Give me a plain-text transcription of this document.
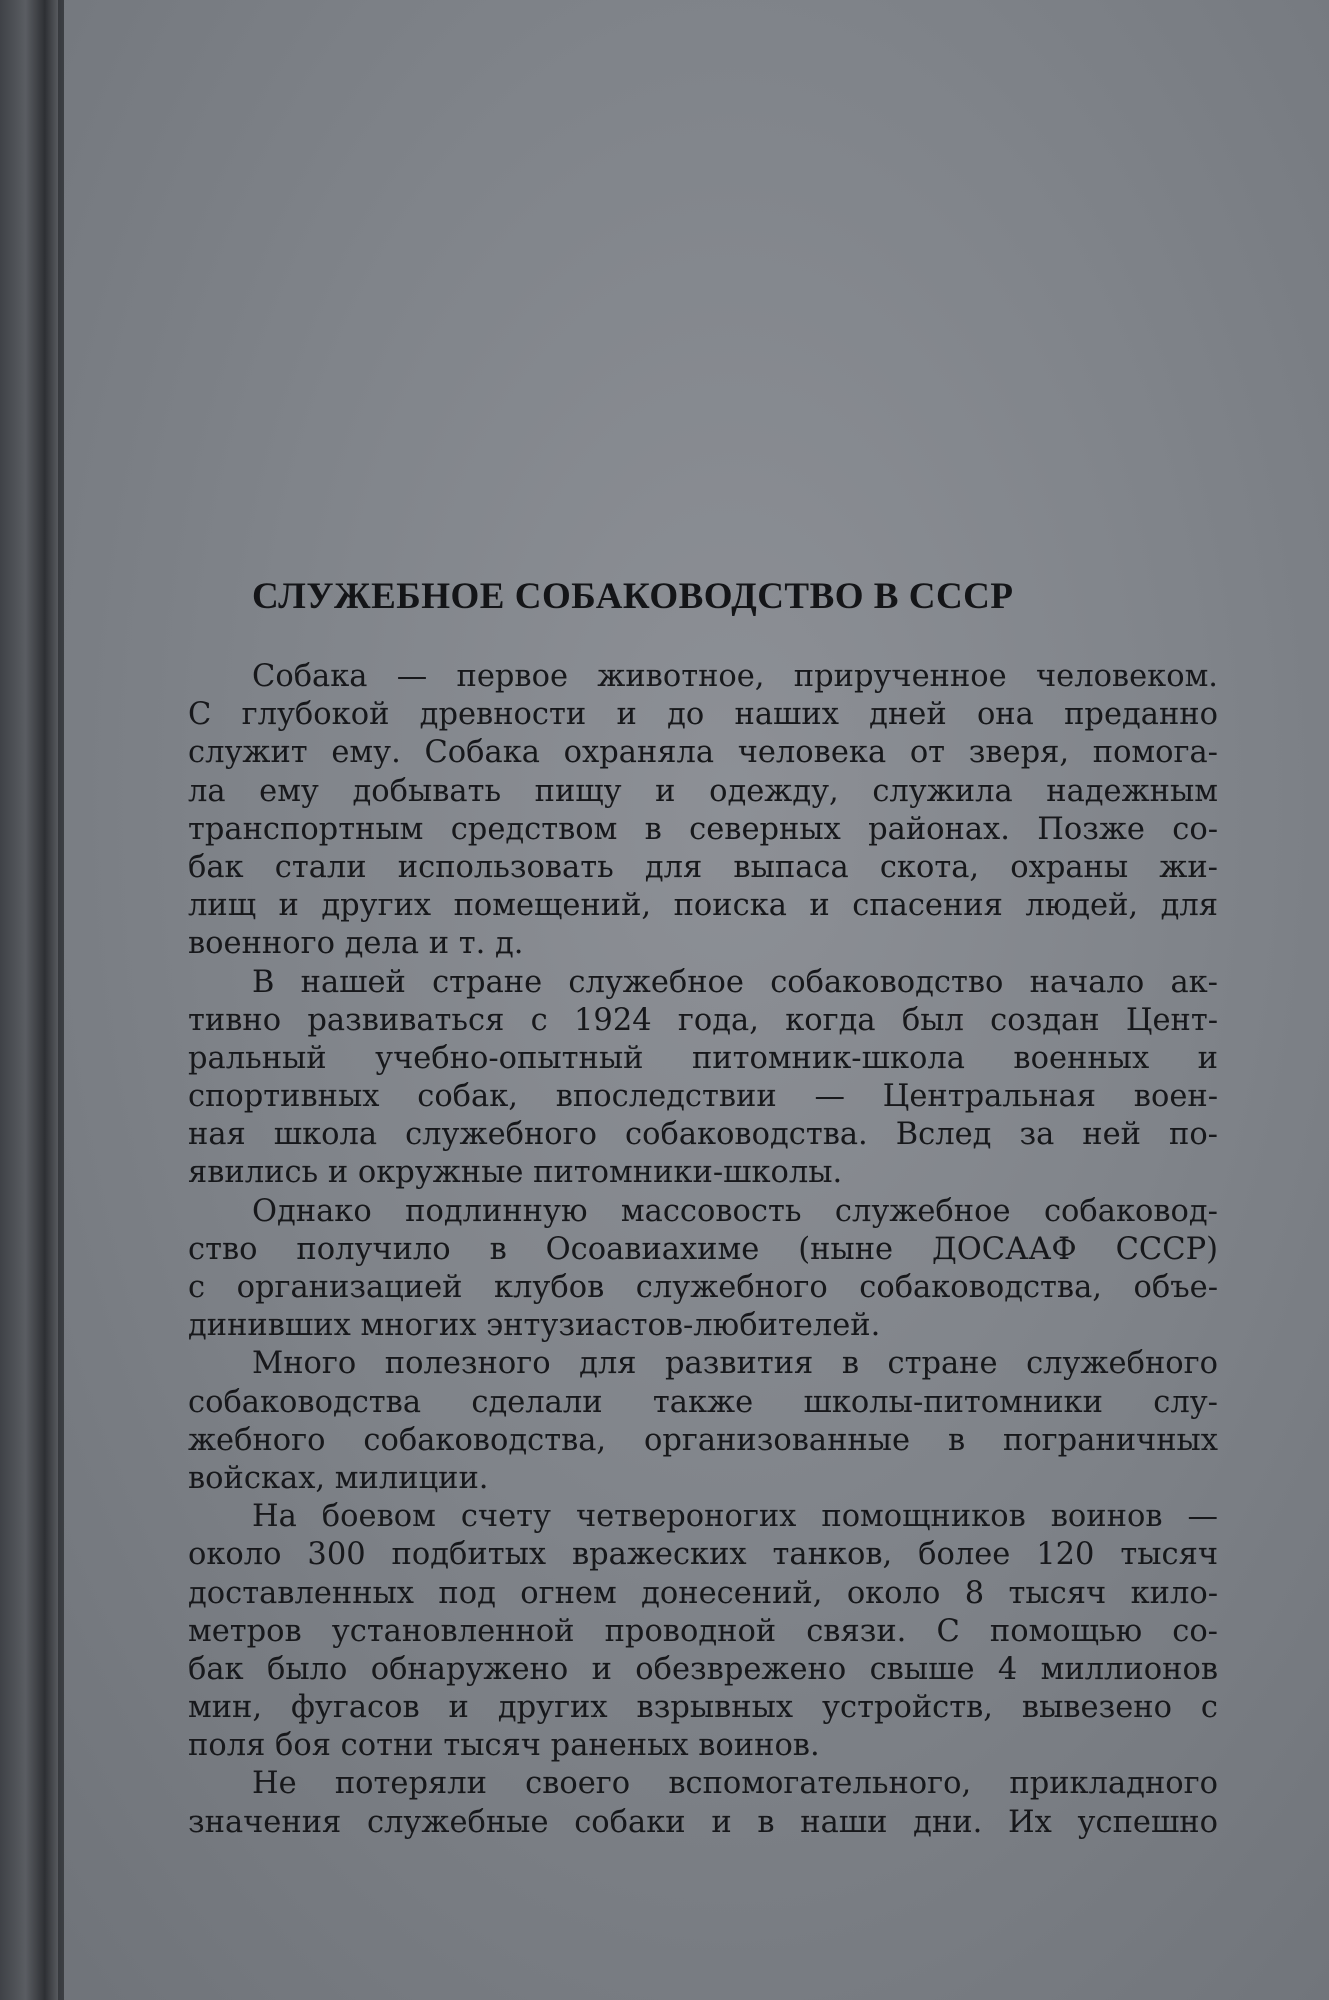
СЛУЖЕБНОЕ СОБАКОВОДСТВО В СССР
Собака — первое животное, прирученное человеком.
С глубокой древности и до наших дней она преданно
служит ему. Собака охраняла человека от зверя, помога-
ла ему добывать пищу и одежду, служила надежным
транспортным средством в северных районах. Позже со-
бак стали использовать для выпаса скота, охраны жи-
лищ и других помещений, поиска и спасения людей, для
военного дела и т. д.
В нашей стране служебное собаководство начало ак-
тивно развиваться с 1924 года, когда был создан Цент-
ральный учебно-опытный питомник-школа военных и
спортивных собак, впоследствии — Центральная воен-
ная школа служебного собаководства. Вслед за ней по-
явились и окружные питомники-школы.
Однако подлинную массовость служебное собаковод-
ство получило в Осоавиахиме (ныне ДОСААФ СССР)
с организацией клубов служебного собаководства, объе-
динивших многих энтузиастов-любителей.
Много полезного для развития в стране служебного
собаководства сделали также школы-питомники слу-
жебного собаководства, организованные в пограничных
войсках, милиции.
На боевом счету четвероногих помощников воинов —
около 300 подбитых вражеских танков, более 120 тысяч
доставленных под огнем донесений, около 8 тысяч кило-
метров установленной проводной связи. С помощью со-
бак было обнаружено и обезврежено свыше 4 миллионов
мин, фугасов и других взрывных устройств, вывезено с
поля боя сотни тысяч раненых воинов.
Не потеряли своего вспомогательного, прикладного
значения служебные собаки и в наши дни. Их успешно
